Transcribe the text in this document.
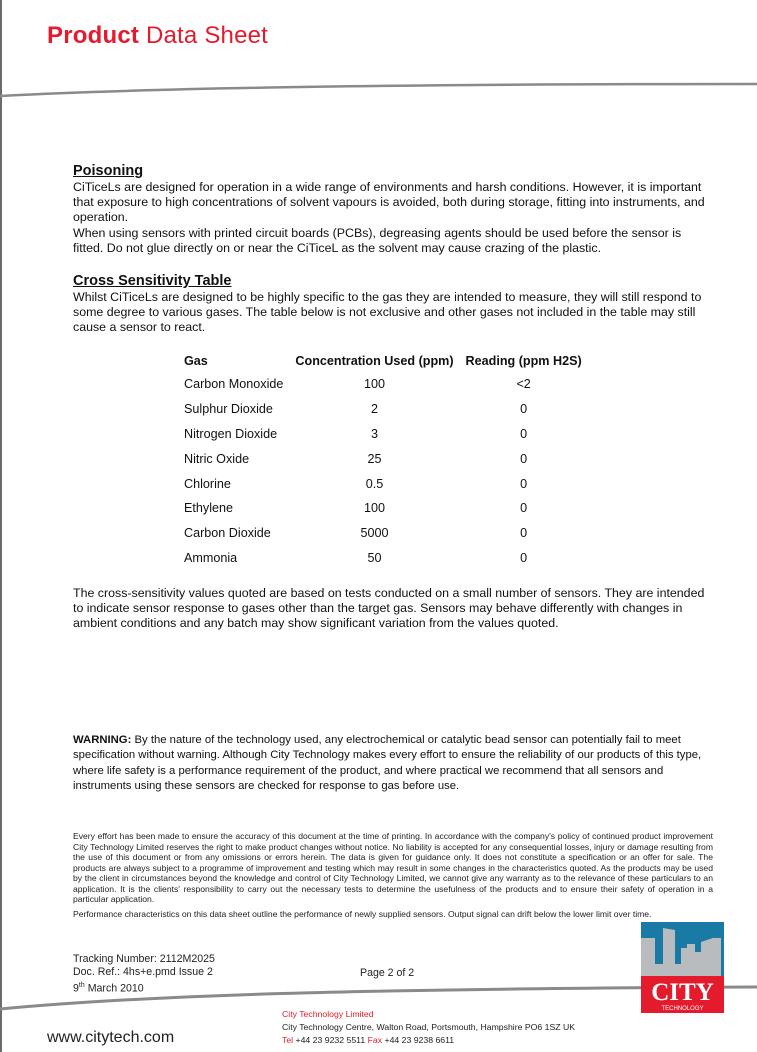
Product Data Sheet
Poisoning

CiTiceLs are designed for operation in a wide range of environments and harsh conditions. However, it is important that exposure to high concentrations of solvent vapours is avoided, both during storage, fitting into instruments, and operation.

When using sensors with printed circuit boards (PCBs), degreasing agents should be used before the sensor is fitted. Do not glue directly on or near the CiTiceL as the solvent may cause crazing of the plastic.

Cross Sensitivity Table

Whilst CiTiceLs are designed to be highly specific to the gas they are intended to measure, they will still respond to some degree to various gases. The table below is not exclusive and other gases not included in the table may still cause a sensor to react.

Gas	Concentration Used (ppm)	Reading (ppm H2S)
Carbon Monoxide	100	<2
Sulphur Dioxide	2	0
Nitrogen Dioxide	3	0
Nitric Oxide	25	0
Chlorine	0.5	0
Ethylene	100	0
Carbon Dioxide	5000	0
Ammonia	50	0

The cross-sensitivity values quoted are based on tests conducted on a small number of sensors. They are intended to indicate sensor response to gases other than the target gas. Sensors may behave differently with changes in ambient conditions and any batch may show significant variation from the values quoted.

WARNING: By the nature of the technology used, any electrochemical or catalytic bead sensor can potentially fail to meet specification without warning. Although City Technology makes every effort to ensure the reliability of our products of this type, where life safety is a performance requirement of the product, and where practical we recommend that all sensors and instruments using these sensors are checked for response to gas before use.
Every effort has been made to ensure the accuracy of this document at the time of printing. In accordance with the company's policy of continued product improvement City Technology Limited reserves the right to make product changes without notice. No liability is accepted for any consequential losses, injury or damage resulting from the use of this document or from any omissions or errors herein. The data is given for guidance only. It does not constitute a specification or an offer for sale. The products are always subject to a programme of improvement and testing which may result in some changes in the characteristics quoted. As the products may be used by the client in circumstances beyond the knowledge and control of City Technology Limited, we cannot give any warranty as to the relevance of these particulars to an application. It is the clients' responsibility to carry out the necessary tests to determine the usefulness of the products and to ensure their safety of operation in a particular application.
Performance characteristics on this data sheet outline the performance of newly supplied sensors. Output signal can drift below the lower limit over time.
Tracking Number: 2112M2025
Doc. Ref.: 4hs+e.pmd Issue 2
9th March 2010
Page 2 of 2
CITY
TECHNOLOGY
www.citytech.com
City Technology Limited
City Technology Centre, Walton Road, Portsmouth, Hampshire PO6 1SZ UK
Tel +44 23 9232 5511 Fax +44 23 9238 6611
